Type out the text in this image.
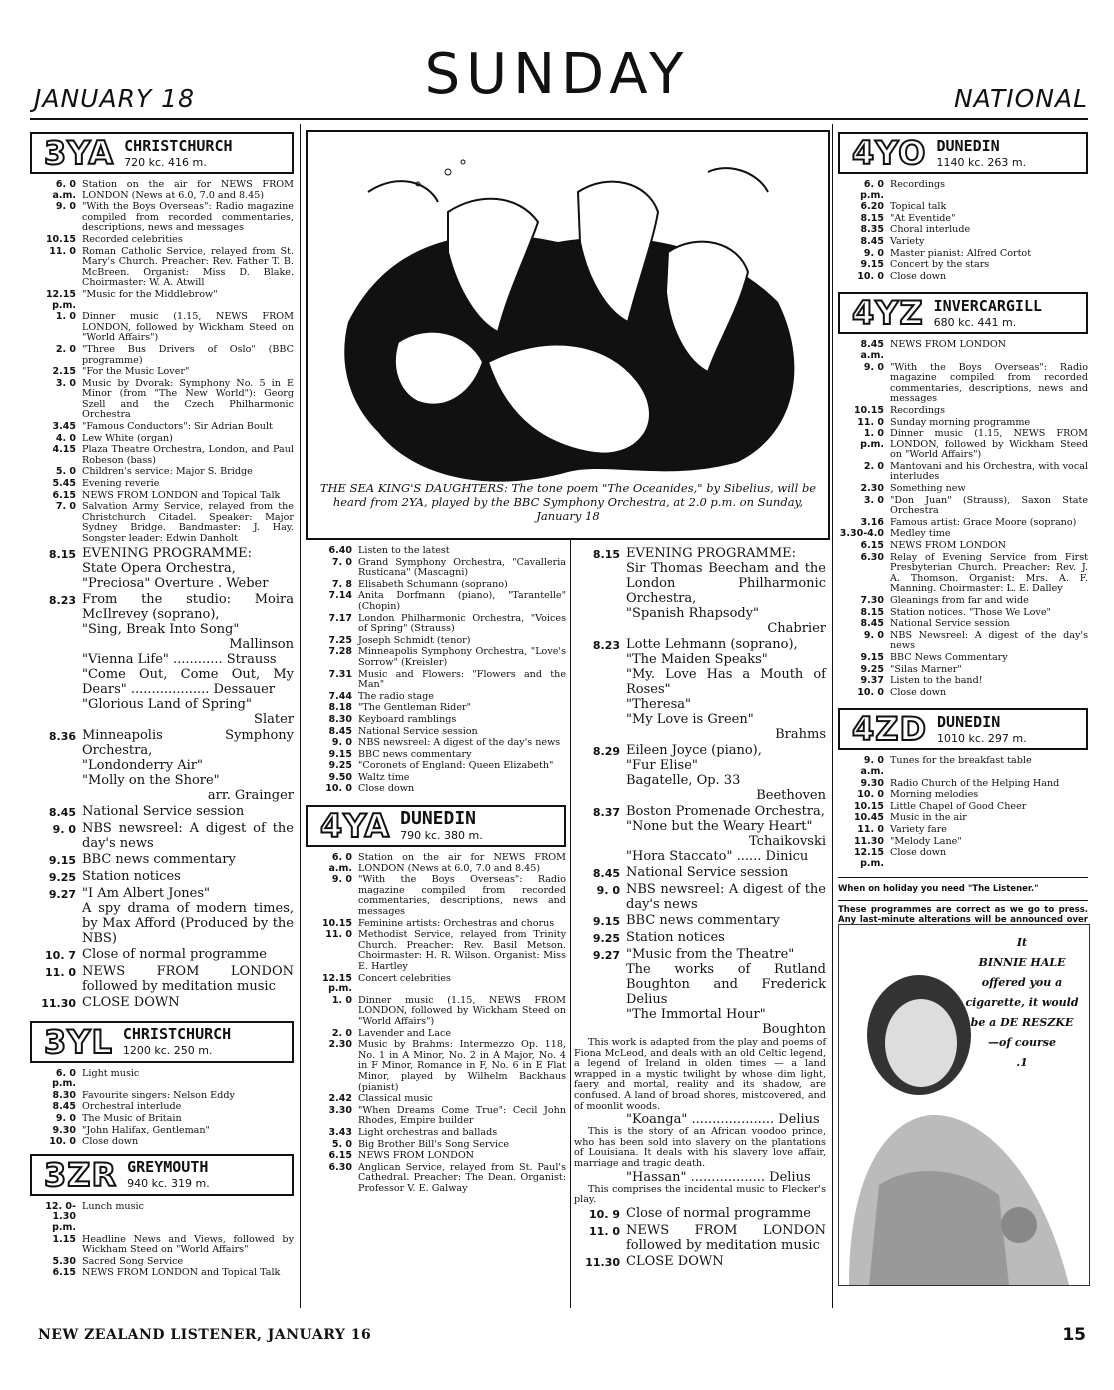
JANUARY 18	SUNDAY	NATIONAL
3YA CHRISTCHURCH
720 kc. 416 m.
6. 0 a.m.
Station on the air for NEWS FROM LONDON (News at 6.0, 7.0 and 8.45)
9. 0 "With the Boys Overseas": Radio magazine compiled from recorded commentaries, descriptions, news and messages
10.15 Recorded celebrities
11. 0 Roman Catholic Service, relayed from St. Mary's Church. Preacher: Rev. Father T. B. McBreen. Organist: Miss D. Blake. Choirmaster: W. A. Atwill
12.15 p.m.
"Music for the Middlebrow"
1. 0 Dinner music (1.15, NEWS FROM LONDON, followed by Wickham Steed on "World Affairs")
2. 0 "Three Bus Drivers of Oslo" (BBC programme)
2.15 "For the Music Lover"
3. 0 Music by Dvorak: Symphony No. 5 in E Minor (from "The New World"): Georg Szell and the Czech Philharmonic Orchestra
3.45 "Famous Conductors": Sir Adrian Boult
4. 0 Lew White (organ)
4.15 Plaza Theatre Orchestra, London, and Paul Robeson (bass)
5. 0 Children's service: Major S. Bridge
5.45 Evening reverie
6.15 NEWS FROM LONDON and Topical Talk
7. 0 Salvation Army Service, relayed from the Christchurch Citadel. Speaker: Major Sydney Bridge. Bandmaster: J. Hay. Songster leader: Edwin Danholt
8.15 EVENING PROGRAMME:
State Opera Orchestra,
"Preciosa" Overture . Weber
8.23 From the studio: Moira McIlrevey (soprano),
"Sing, Break Into Song"
Mallinson
"Vienna Life" ............ Strauss
"Come Out, Come Out, My Dears" ................... Dessauer
"Glorious Land of Spring"
Slater
8.36 Minneapolis Symphony Orchestra,
"Londonderry Air"
"Molly on the Shore"
arr. Grainger
8.45 National Service session
9. 0 NBS newsreel: A digest of the day's news
9.15 BBC news commentary
9.25 Station notices
9.27 "I Am Albert Jones"
A spy drama of modern times, by Max Afford (Produced by the NBS)
10. 7 Close of normal programme
11. 0 NEWS FROM LONDON followed by meditation music
11.30 CLOSE DOWN
3YL CHRISTCHURCH
1200 kc. 250 m.
6. 0 p.m.
Light music
8.30 Favourite singers: Nelson Eddy
8.45 Orchestral interlude
9. 0 The Music of Britain
9.30 "John Halifax, Gentleman"
10. 0 Close down
3ZR GREYMOUTH
940 kc. 319 m.
12. 0-1.30 p.m.
Lunch music
1.15 Headline News and Views, followed by Wickham Steed on "World Affairs"
5.30 Sacred Song Service
6.15 NEWS FROM LONDON and Topical Talk
THE SEA KING'S DAUGHTERS: The tone poem "The Oceanides," by Sibelius, will be heard from 2YA, played by the BBC Symphony Orchestra, at 2.0 p.m. on Sunday, January 18
6.40 Listen to the latest
7. 0 Grand Symphony Orchestra, "Cavalleria Rusticana" (Mascagni)
7. 8 Elisabeth Schumann (soprano)
7.14 Anita Dorfmann (piano), "Tarantelle" (Chopin)
7.17 London Philharmonic Orchestra, "Voices of Spring" (Strauss)
7.25 Joseph Schmidt (tenor)
7.28 Minneapolis Symphony Orchestra, "Love's Sorrow" (Kreisler)
7.31 Music and Flowers: "Flowers and the Man"
7.44 The radio stage
8.18 "The Gentleman Rider"
8.30 Keyboard ramblings
8.45 National Service session
9. 0 NBS newsreel: A digest of the day's news
9.15 BBC news commentary
9.25 "Coronets of England: Queen Elizabeth"
9.50 Waltz time
10. 0 Close down
4YA DUNEDIN
790 kc. 380 m.
6. 0 a.m.
Station on the air for NEWS FROM LONDON (News at 6.0, 7.0 and 8.45)
9. 0 "With the Boys Overseas": Radio magazine compiled from recorded commentaries, descriptions, news and messages
10.15 Feminine artists: Orchestras and chorus
11. 0 Methodist Service, relayed from Trinity Church. Preacher: Rev. Basil Metson. Choirmaster: H. R. Wilson. Organist: Miss E. Hartley
12.15 p.m.
Concert celebrities
1. 0 Dinner music (1.15, NEWS FROM LONDON, followed by Wickham Steed on "World Affairs")
2. 0 Lavender and Lace
2.30 Music by Brahms: Intermezzo Op. 118, No. 1 in A Minor, No. 2 in A Major, No. 4 in F Minor, Romance in F, No. 6 in E Flat Minor, played by Wilhelm Backhaus (pianist)
2.42 Classical music
3.30 "When Dreams Come True": Cecil John Rhodes, Empire builder
3.43 Light orchestras and ballads
5. 0 Big Brother Bill's Song Service
6.15 NEWS FROM LONDON
6.30 Anglican Service, relayed from St. Paul's Cathedral. Preacher: The Dean. Organist: Professor V. E. Galway
8.15 EVENING PROGRAMME:
Sir Thomas Beecham and the London Philharmonic Orchestra,
"Spanish Rhapsody"
Chabrier
8.23 Lotte Lehmann (soprano),
"The Maiden Speaks"
"My. Love Has a Mouth of Roses"
"Theresa"
"My Love is Green"
Brahms
8.29 Eileen Joyce (piano),
"Fur Elise"
Bagatelle, Op. 33
Beethoven
8.37 Boston Promenade Orchestra,
"None but the Weary Heart"
Tchaikovski
"Hora Staccato" ...... Dinicu
8.45 National Service session
9. 0 NBS newsreel: A digest of the day's news
9.15 BBC news commentary
9.25 Station notices
9.27 "Music from the Theatre"
The works of Rutland Boughton and Frederick Delius
"The Immortal Hour"
Boughton
This work is adapted from the play and poems of Fiona McLeod, and deals with an old Celtic legend, a legend of Ireland in olden times — a land wrapped in a mystic twilight by whose dim light, faery and mortal, reality and its shadow, are confused. A land of broad shores, mistcovered, and of moonlit woods.
"Koanga" .................... Delius
This is the story of an African voodoo prince, who has been sold into slavery on the plantations of Louisiana. It deals with his slavery love affair, marriage and tragic death.
"Hassan" .................. Delius
This comprises the incidental music to Flecker's play.
10. 9 Close of normal programme
11. 0 NEWS FROM LONDON followed by meditation music
11.30 CLOSE DOWN
4YO DUNEDIN
1140 kc. 263 m.
6. 0 p.m.
Recordings
6.20 Topical talk
8.15 "At Eventide"
8.35 Choral interlude
8.45 Variety
9. 0 Master pianist: Alfred Cortot
9.15 Concert by the stars
10. 0 Close down
4YZ INVERCARGILL
680 kc. 441 m.
8.45 a.m.
NEWS FROM LONDON
9. 0 "With the Boys Overseas": Radio magazine compiled from recorded commentaries, descriptions, news and messages
10.15 Recordings
11. 0 Sunday morning programme
1. 0 p.m.
Dinner music (1.15, NEWS FROM LONDON, followed by Wickham Steed on "World Affairs")
2. 0 Mantovani and his Orchestra, with vocal interludes
2.30 Something new
3. 0 "Don Juan" (Strauss), Saxon State Orchestra
3.16 Famous artist: Grace Moore (soprano)
3.30-4.0 Medley time
6.15 NEWS FROM LONDON
6.30 Relay of Evening Service from First Presbyterian Church. Preacher: Rev. J. A. Thomson. Organist: Mrs. A. F. Manning. Choirmaster: L. E. Dalley
7.30 Gleanings from far and wide
8.15 Station notices. "Those We Love"
8.45 National Service session
9. 0 NBS Newsreel: A digest of the day's news
9.15 BBC News Commentary
9.25 "Silas Marner"
9.37 Listen to the band!
10. 0 Close down
4ZD DUNEDIN
1010 kc. 297 m.
9. 0 a.m.
Tunes for the breakfast table
9.30 Radio Church of the Helping Hand
10. 0 Morning melodies
10.15 Little Chapel of Good Cheer
10.45 Music in the air
11. 0 Variety fare
11.30 "Melody Lane"
12.15 p.m.
Close down
When on holiday you need "The Listener."
These programmes are correct as we go to press. Any last-minute alterations will be announced over
It
BINNIE HALE
offered you a
cigarette, it would
be a DE RESZKE
—of course
.1
NEW ZEALAND LISTENER, JANUARY 16	15
